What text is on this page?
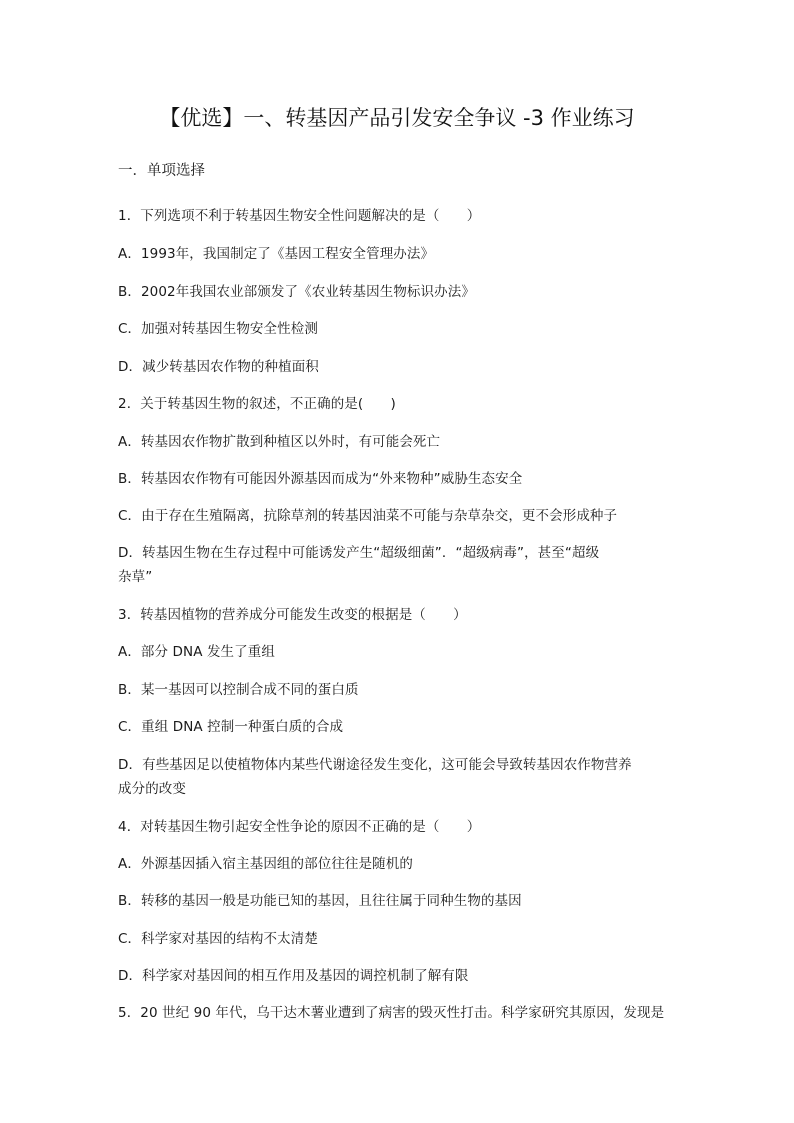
【优选】一、转基因产品引发安全争议 -3 作业练习
一．单项选择
1．下列选项不利于转基因生物安全性问题解决的是（　　）
A．1993年，我国制定了《基因工程安全管理办法》
B．2002年我国农业部颁发了《农业转基因生物标识办法》
C．加强对转基因生物安全性检测
D．减少转基因农作物的种植面积
2．关于转基因生物的叙述，不正确的是(　　)
A．转基因农作物扩散到种植区以外时，有可能会死亡
B．转基因农作物有可能因外源基因而成为“外来物种”威胁生态安全
C．由于存在生殖隔离，抗除草剂的转基因油菜不可能与杂草杂交，更不会形成种子
D．转基因生物在生存过程中可能诱发产生“超级细菌”．“超级病毒”，甚至“超级
杂草”
3．转基因植物的营养成分可能发生改变的根据是（　　）
A．部分 DNA 发生了重组
B．某一基因可以控制合成不同的蛋白质
C．重组 DNA 控制一种蛋白质的合成
D．有些基因足以使植物体内某些代谢途径发生变化，这可能会导致转基因农作物营养
成分的改变
4．对转基因生物引起安全性争论的原因不正确的是（　　）
A．外源基因插入宿主基因组的部位往往是随机的
B．转移的基因一般是功能已知的基因，且往往属于同种生物的基因
C．科学家对基因的结构不太清楚
D．科学家对基因间的相互作用及基因的调控机制了解有限
5．20 世纪 90 年代，乌干达木薯业遭到了病害的毁灭性打击。科学家研究其原因，发现是
